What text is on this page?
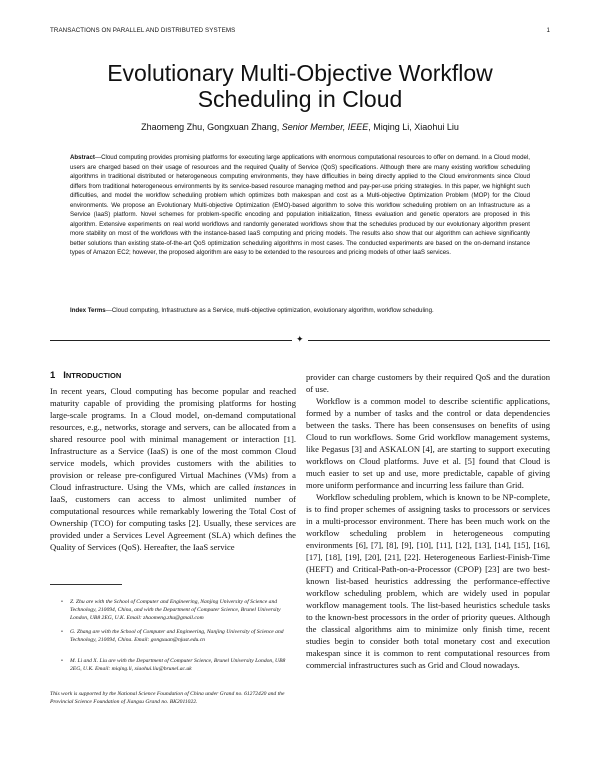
TRANSACTIONS ON PARALLEL AND DISTRIBUTED SYSTEMS	1
Evolutionary Multi-Objective Workflow
Scheduling in Cloud
Zhaomeng Zhu, Gongxuan Zhang, Senior Member, IEEE, Miqing Li, Xiaohui Liu
Abstract—Cloud computing provides promising platforms for executing large applications with enormous computational resources to offer on demand. In a Cloud model, users are charged based on their usage of resources and the required Quality of Service (QoS) specifications. Although there are many existing workflow scheduling algorithms in traditional distributed or heterogeneous computing environments, they have difficulties in being directly applied to the Cloud environments since Cloud differs from traditional heterogeneous environments by its service-based resource managing method and pay-per-use pricing strategies. In this paper, we highlight such difficulties, and model the workflow scheduling problem which optimizes both makespan and cost as a Multi-objective Optimization Problem (MOP) for the Cloud environments. We propose an Evolutionary Multi-objective Optimization (EMO)-based algorithm to solve this workflow scheduling problem on an Infrastructure as a Service (IaaS) platform. Novel schemes for problem-specific encoding and population initialization, fitness evaluation and genetic operators are proposed in this algorithm. Extensive experiments on real world workflows and randomly generated workflows show that the schedules produced by our evolutionary algorithm present more stability on most of the workflows with the instance-based IaaS computing and pricing models. The results also show that our algorithm can achieve significantly better solutions than existing state-of-the-art QoS optimization scheduling algorithms in most cases. The conducted experiments are based on the on-demand instance types of Amazon EC2; however, the proposed algorithm are easy to be extended to the resources and pricing models of other IaaS services.
Index Terms—Cloud computing, Infrastructure as a Service, multi-objective optimization, evolutionary algorithm, workflow scheduling.
✦
1 INTRODUCTION

In recent years, Cloud computing has become popular and reached maturity capable of providing the promising platforms for hosting large-scale programs. In a Cloud model, on-demand computational resources, e.g., networks, storage and servers, can be allocated from a shared resource pool with minimal management or interaction [1]. Infrastructure as a Service (IaaS) is one of the most common Cloud service models, which provides customers with the abilities to provision or release pre-configured Virtual Machines (VMs) from a Cloud infrastructure. Using the VMs, which are called instances in IaaS, customers can access to almost unlimited number of computational resources while remarkably lowering the Total Cost of Ownership (TCO) for computing tasks [2]. Usually, these services are provided under a Services Level Agreement (SLA) which defines the Quality of Services (QoS). Hereafter, the IaaS service

• Z. Zhu are with the School of Computer and Engineering, Nanjing University of Science and Technology, 210094, China, and with the Department of Computer Science, Brunel University London, UB8 2EG, U.K. Email: zhaomeng.zhu@gmail.com
• G. Zhang are with the School of Computer and Engineering, Nanjing University of Science and Technology, 210094, China. Email: gongxuan@njust.edu.cn
• M. Li and X. Liu are with the Department of Computer Science, Brunel University London, UB8 2EG, U.K. Email: miqing.li, xiaohui.liu@brunel.ac.uk
This work is supported by the National Science Foundation of China under Grand no. 61272420 and the Provincial Science Foundation of Jiangsu Grand no. BK2011022.

provider can charge customers by their required QoS and the duration of use.

Workflow is a common model to describe scientific applications, formed by a number of tasks and the control or data dependencies between the tasks. There has been consensuses on benefits of using Cloud to run workflows. Some Grid workflow management systems, like Pegasus [3] and ASKALON [4], are starting to support executing workflows on Cloud platforms. Juve et al. [5] found that Cloud is much easier to set up and use, more predictable, capable of giving more uniform performance and incurring less failure than Grid.

Workflow scheduling problem, which is known to be NP-complete, is to find proper schemes of assigning tasks to processors or services in a multi-processor environment. There has been much work on the workflow scheduling problem in heterogeneous computing environments [6], [7], [8], [9], [10], [11], [12], [13], [14], [15], [16], [17], [18], [19], [20], [21], [22]. Heterogeneous Earliest-Finish-Time (HEFT) and Critical-Path-on-a-Processor (CPOP) [23] are two best-known list-based heuristics addressing the performance-effective workflow scheduling problem, which are widely used in popular workflow management tools. The list-based heuristics schedule tasks to the known-best processors in the order of priority queues. Although the classical algorithms aim to minimize only finish time, recent studies begin to consider both total monetary cost and execution makespan since it is common to rent computational resources from commercial infrastructures such as Grid and Cloud nowadays.
